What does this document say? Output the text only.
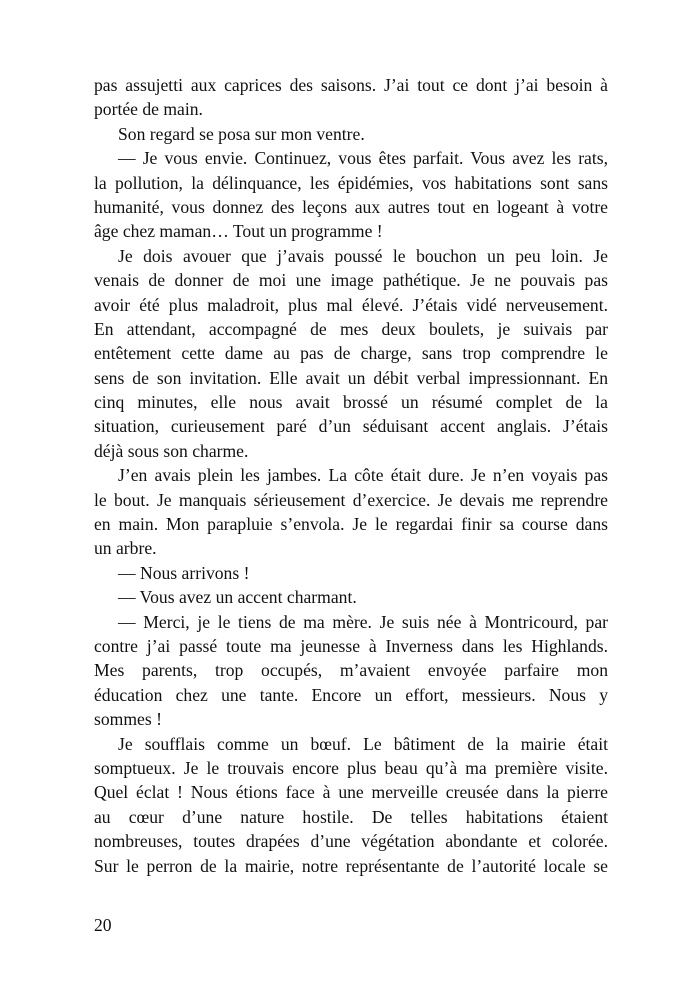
pas assujetti aux caprices des saisons. J’ai tout ce dont j’ai besoin à
portée de main.
Son regard se posa sur mon ventre.
— Je vous envie. Continuez, vous êtes parfait. Vous avez les rats,
la pollution, la délinquance, les épidémies, vos habitations sont sans
humanité, vous donnez des leçons aux autres tout en logeant à votre
âge chez maman… Tout un programme !
Je dois avouer que j’avais poussé le bouchon un peu loin. Je
venais de donner de moi une image pathétique. Je ne pouvais pas
avoir été plus maladroit, plus mal élevé. J’étais vidé nerveusement.
En attendant, accompagné de mes deux boulets, je suivais par
entêtement cette dame au pas de charge, sans trop comprendre le
sens de son invitation. Elle avait un débit verbal impressionnant. En
cinq minutes, elle nous avait brossé un résumé complet de la
situation, curieusement paré d’un séduisant accent anglais. J’étais
déjà sous son charme.
J’en avais plein les jambes. La côte était dure. Je n’en voyais pas
le bout. Je manquais sérieusement d’exercice. Je devais me reprendre
en main. Mon parapluie s’envola. Je le regardai finir sa course dans
un arbre.
— Nous arrivons !
— Vous avez un accent charmant.
— Merci, je le tiens de ma mère. Je suis née à Montricourd, par
contre j’ai passé toute ma jeunesse à Inverness dans les Highlands.
Mes parents, trop occupés, m’avaient envoyée parfaire mon
éducation chez une tante. Encore un effort, messieurs. Nous y
sommes !
Je soufflais comme un bœuf. Le bâtiment de la mairie était
somptueux. Je le trouvais encore plus beau qu’à ma première visite.
Quel éclat ! Nous étions face à une merveille creusée dans la pierre
au cœur d’une nature hostile. De telles habitations étaient
nombreuses, toutes drapées d’une végétation abondante et colorée.
Sur le perron de la mairie, notre représentante de l’autorité locale se
20
